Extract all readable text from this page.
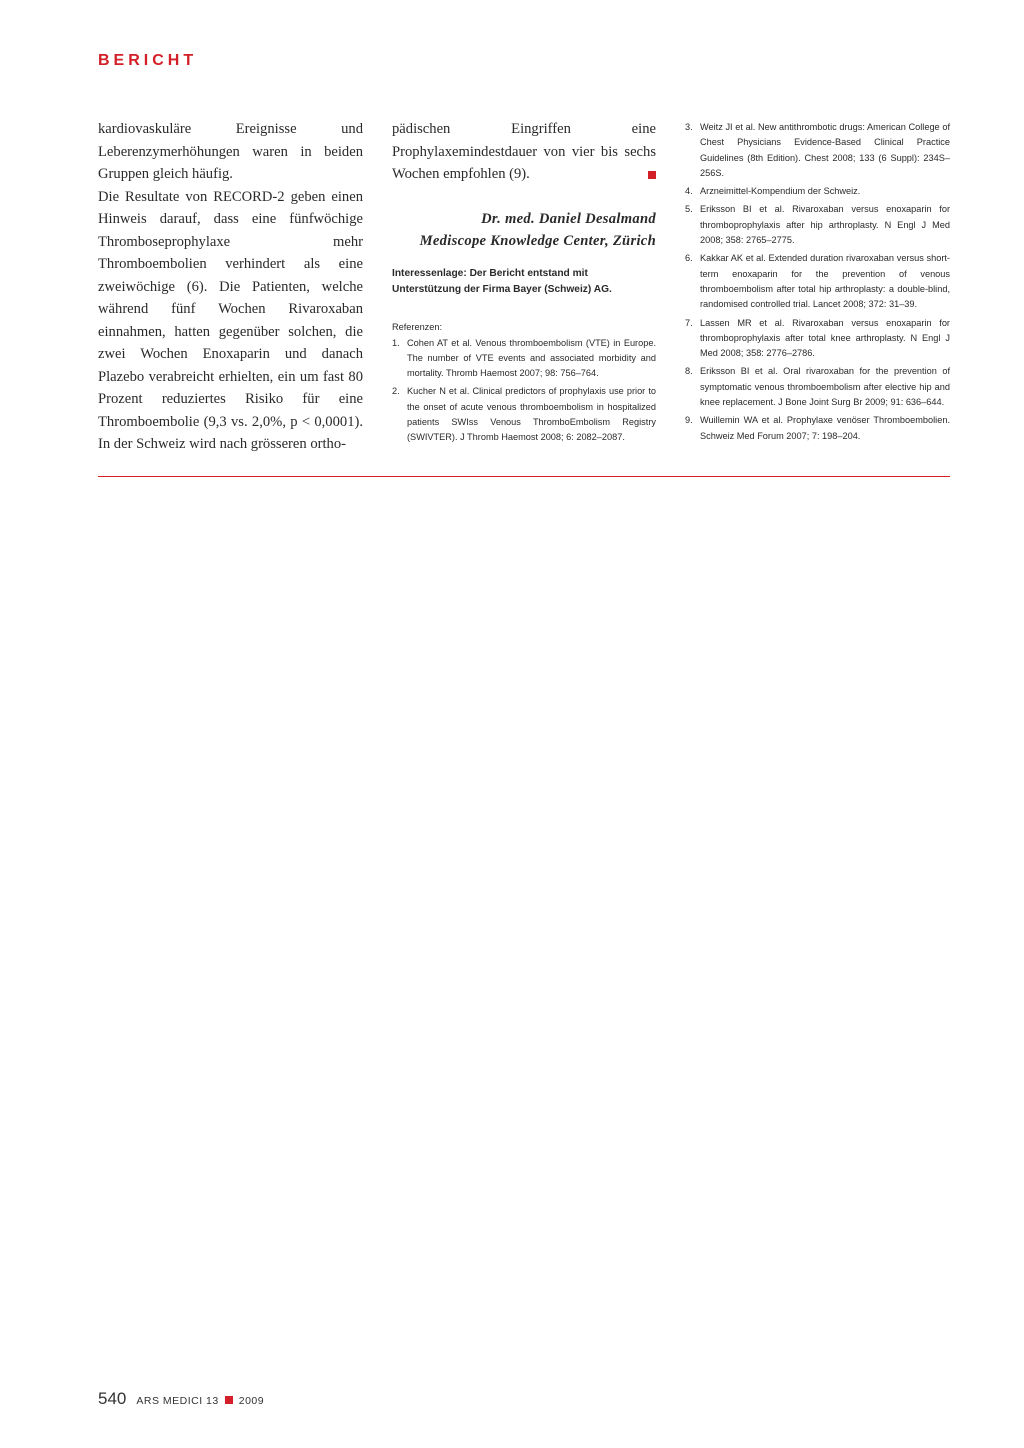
BERICHT

kardiovaskuläre Ereignisse und Leberenzymerhöhungen waren in beiden Gruppen gleich häufig.

Die Resultate von RECORD-2 geben einen Hinweis darauf, dass eine fünfwöchige Thromboseprophylaxe mehr Thromboembolien verhindert als eine zweiwöchige (6). Die Patienten, welche während fünf Wochen Rivaroxaban einnahmen, hatten gegenüber solchen, die zwei Wochen Enoxaparin und danach Plazebo verabreicht erhielten, ein um fast 80 Prozent reduziertes Risiko für eine Thromboembolie (9,3 vs. 2,0%, p < 0,0001). In der Schweiz wird nach grösseren ortho-

pädischen Eingriffen eine Prophylaxemindestdauer von vier bis sechs Wochen empfohlen (9).

Dr. med. Daniel Desalmand
Mediscope Knowledge Center, Zürich
Interessenlage: Der Bericht entstand mit Unterstützung der Firma Bayer (Schweiz) AG.
Referenzen:
1. Cohen AT et al. Venous thromboembolism (VTE) in Europe. The number of VTE events and associated morbidity and mortality. Thromb Haemost 2007; 98: 756–764.
2. Kucher N et al. Clinical predictors of prophylaxis use prior to the onset of acute venous thromboembolism in hospitalized patients SWIss Venous ThromboEmbolism Registry (SWIVTER). J Thromb Haemost 2008; 6: 2082–2087.
3. Weitz JI et al. New antithrombotic drugs: American College of Chest Physicians Evidence-Based Clinical Practice Guidelines (8th Edition). Chest 2008; 133 (6 Suppl): 234S–256S.
4. Arzneimittel-Kompendium der Schweiz.
5. Eriksson BI et al. Rivaroxaban versus enoxaparin for thromboprophylaxis after hip arthroplasty. N Engl J Med 2008; 358: 2765–2775.
6. Kakkar AK et al. Extended duration rivaroxaban versus short-term enoxaparin for the prevention of venous thromboembolism after total hip arthroplasty: a double-blind, randomised controlled trial. Lancet 2008; 372: 31–39.
7. Lassen MR et al. Rivaroxaban versus enoxaparin for thromboprophylaxis after total knee arthroplasty. N Engl J Med 2008; 358: 2776–2786.
8. Eriksson BI et al. Oral rivaroxaban for the prevention of symptomatic venous thromboembolism after elective hip and knee replacement. J Bone Joint Surg Br 2009; 91: 636–644.
9. Wuillemin WA et al. Prophylaxe venöser Thromboembolien. Schweiz Med Forum 2007; 7: 198–204.
540 ARS MEDICI 13 2009
